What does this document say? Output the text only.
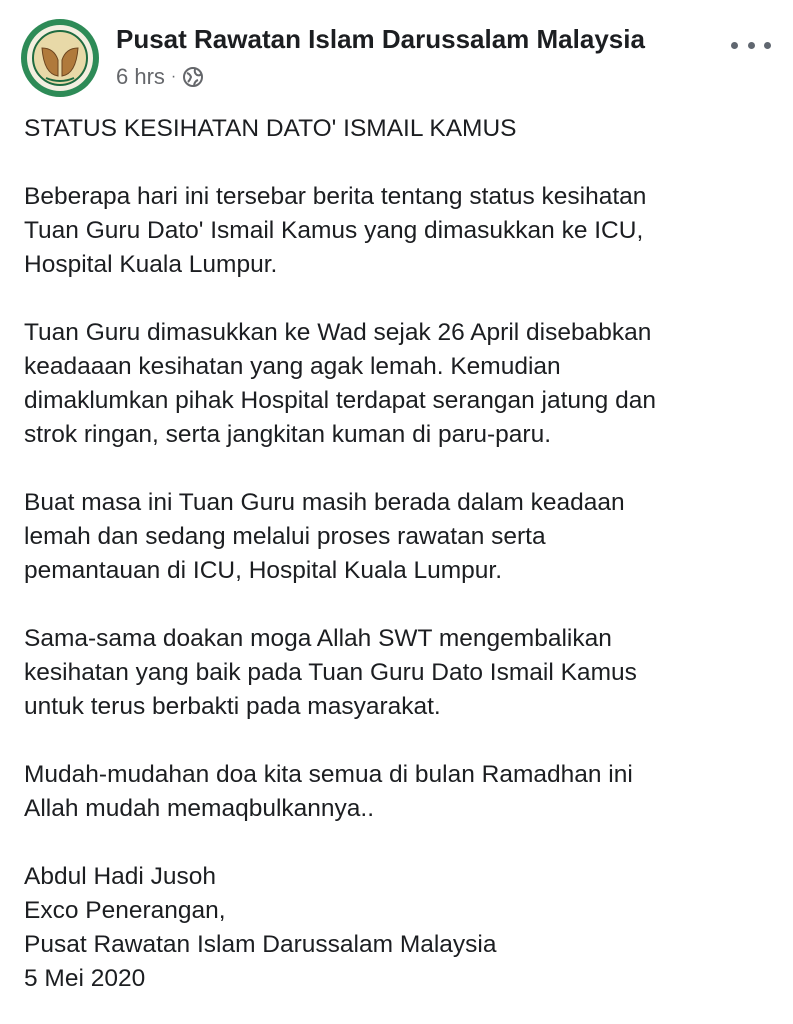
Pusat Rawatan Islam Darussalam Malaysia
6 hrs ·

STATUS KESIHATAN DATO' ISMAIL KAMUS

Beberapa hari ini tersebar berita tentang status kesihatan
Tuan Guru Dato' Ismail Kamus yang dimasukkan ke ICU,
Hospital Kuala Lumpur.

Tuan Guru dimasukkan ke Wad sejak 26 April disebabkan
keadaaan kesihatan yang agak lemah. Kemudian
dimaklumkan pihak Hospital terdapat serangan jatung dan
strok ringan, serta jangkitan kuman di paru-paru.

Buat masa ini Tuan Guru masih berada dalam keadaan
lemah dan sedang melalui proses rawatan serta
pemantauan di ICU, Hospital Kuala Lumpur.

Sama-sama doakan moga Allah SWT mengembalikan
kesihatan yang baik pada Tuan Guru Dato Ismail Kamus
untuk terus berbakti pada masyarakat.

Mudah-mudahan doa kita semua di bulan Ramadhan ini
Allah mudah memaqbulkannya..

Abdul Hadi Jusoh
Exco Penerangan,
Pusat Rawatan Islam Darussalam Malaysia
5 Mei 2020
